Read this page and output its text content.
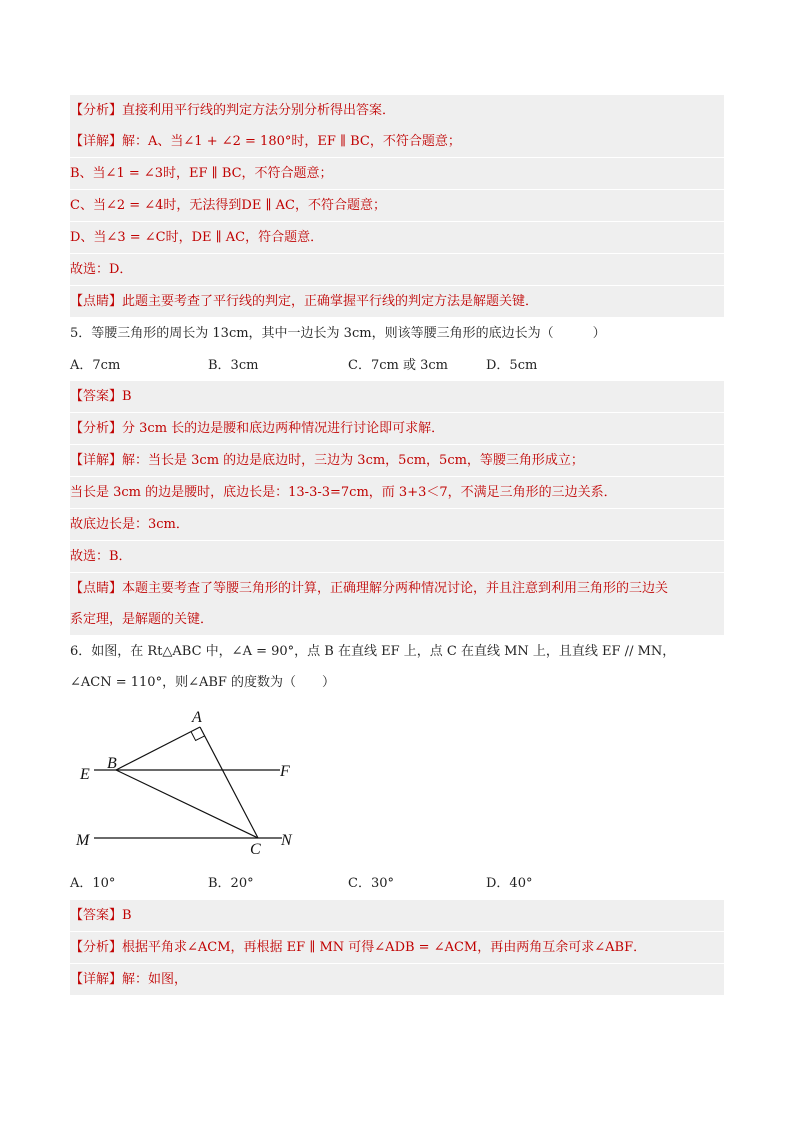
【分析】直接利用平行线的判定方法分别分析得出答案．
【详解】解：A、当∠1 + ∠2 = 180°时，EF ∥ BC，不符合题意；
B、当∠1 = ∠3时，EF ∥ BC，不符合题意；
C、当∠2 = ∠4时，无法得到DE ∥ AC，不符合题意；
D、当∠3 = ∠C时，DE ∥ AC，符合题意．
故选：D．
【点睛】此题主要考查了平行线的判定，正确掌握平行线的判定方法是解题关键．
5．等腰三角形的周长为 13cm，其中一边长为 3cm，则该等腰三角形的底边长为（　　　）
A．7cm	B．3cm	C．7cm 或 3cm	D．5cm
【答案】B
【分析】分 3cm 长的边是腰和底边两种情况进行讨论即可求解．
【详解】解：当长是 3cm 的边是底边时，三边为 3cm，5cm，5cm，等腰三角形成立；
当长是 3cm 的边是腰时，底边长是：13-3-3=7cm，而 3+3＜7，不满足三角形的三边关系．
故底边长是：3cm．
故选：B．
【点睛】本题主要考查了等腰三角形的计算，正确理解分两种情况讨论，并且注意到利用三角形的三边关
系定理，是解题的关键．
6．如图，在 Rt△ABC 中，∠A = 90°，点 B 在直线 EF 上，点 C 在直线 MN 上，且直线 EF // MN，
∠ACN = 110°，则∠ABF 的度数为（　　）
A
B
C
E	F
M	N
A．10°	B．20°	C．30°	D．40°
【答案】B
【分析】根据平角求∠ACM，再根据 EF ∥ MN 可得∠ADB = ∠ACM，再由两角互余可求∠ABF．
【详解】解：如图，
